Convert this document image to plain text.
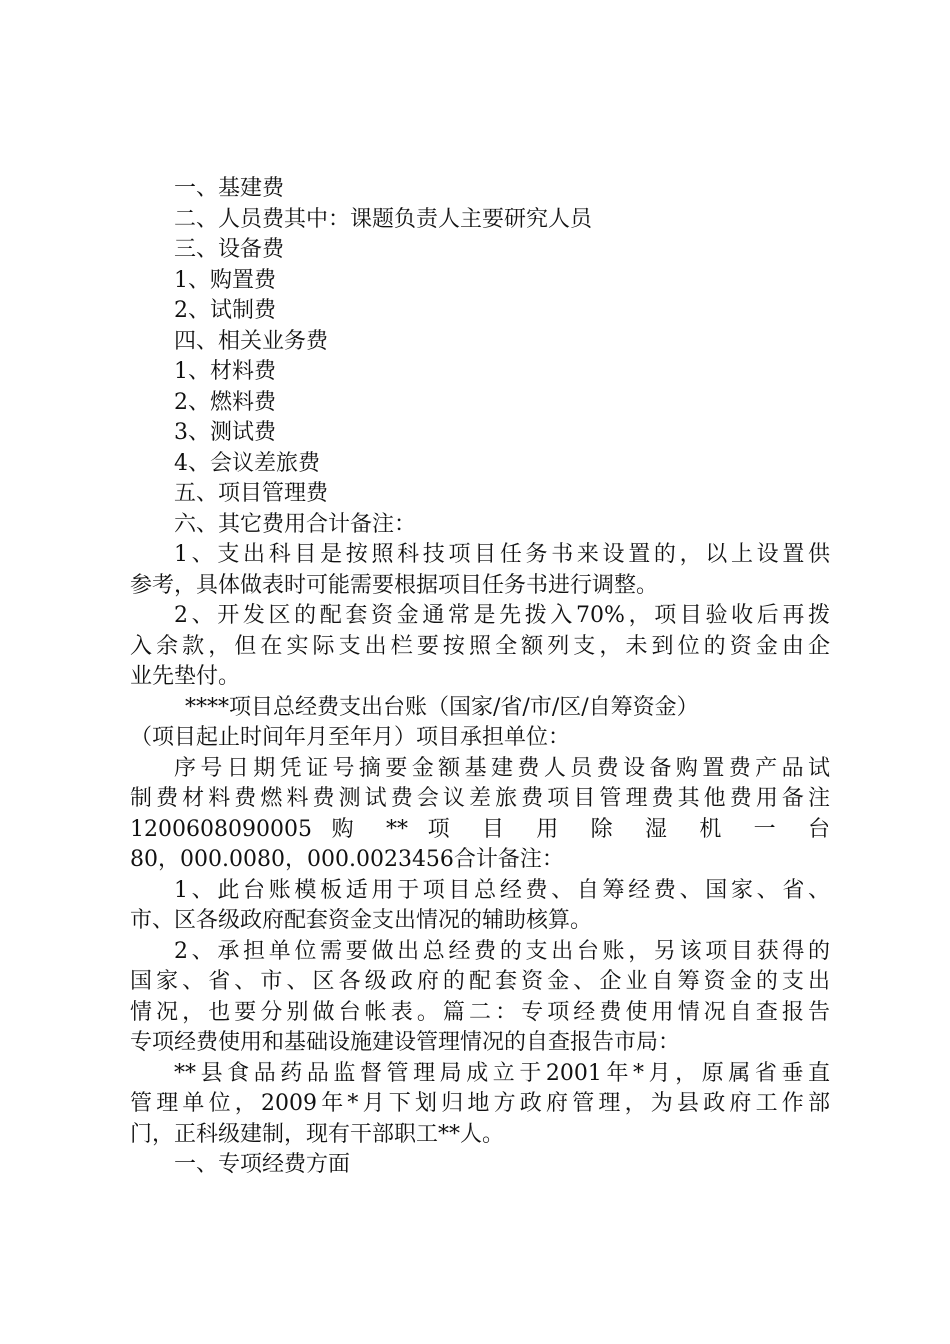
一、基建费
二、人员费其中：课题负责人主要研究人员
三、设备费
1、购置费
2、试制费
四、相关业务费
1、材料费
2、燃料费
3、测试费
4、会议差旅费
五、项目管理费
六、其它费用合计备注：
1、支出科目是按照科技项目任务书来设置的，以上设置供
参考，具体做表时可能需要根据项目任务书进行调整。
2、开发区的配套资金通常是先拨入70%，项目验收后再拨
入余款，但在实际支出栏要按照全额列支，未到位的资金由企
业先垫付。
****项目总经费支出台账（国家/省/市/区/自筹资金）
（项目起止时间年月至年月）项目承担单位：
序号日期凭证号摘要金额基建费人员费设备购置费产品试
制费材料费燃料费测试费会议差旅费项目管理费其他费用备注
1200608090005 购 ** 项 目 用 除 湿 机 一 台
80，000.0080，000.0023456合计备注：
1、此台账模板适用于项目总经费、自筹经费、国家、省、
市、区各级政府配套资金支出情况的辅助核算。
2、承担单位需要做出总经费的支出台账，另该项目获得的
国家、省、市、区各级政府的配套资金、企业自筹资金的支出
情况，也要分别做台帐表。篇二：专项经费使用情况自查报告
专项经费使用和基础设施建设管理情况的自查报告市局：
**县食品药品监督管理局成立于2001年*月，原属省垂直
管理单位，2009年*月下划归地方政府管理，为县政府工作部
门，正科级建制，现有干部职工**人。
一、专项经费方面
